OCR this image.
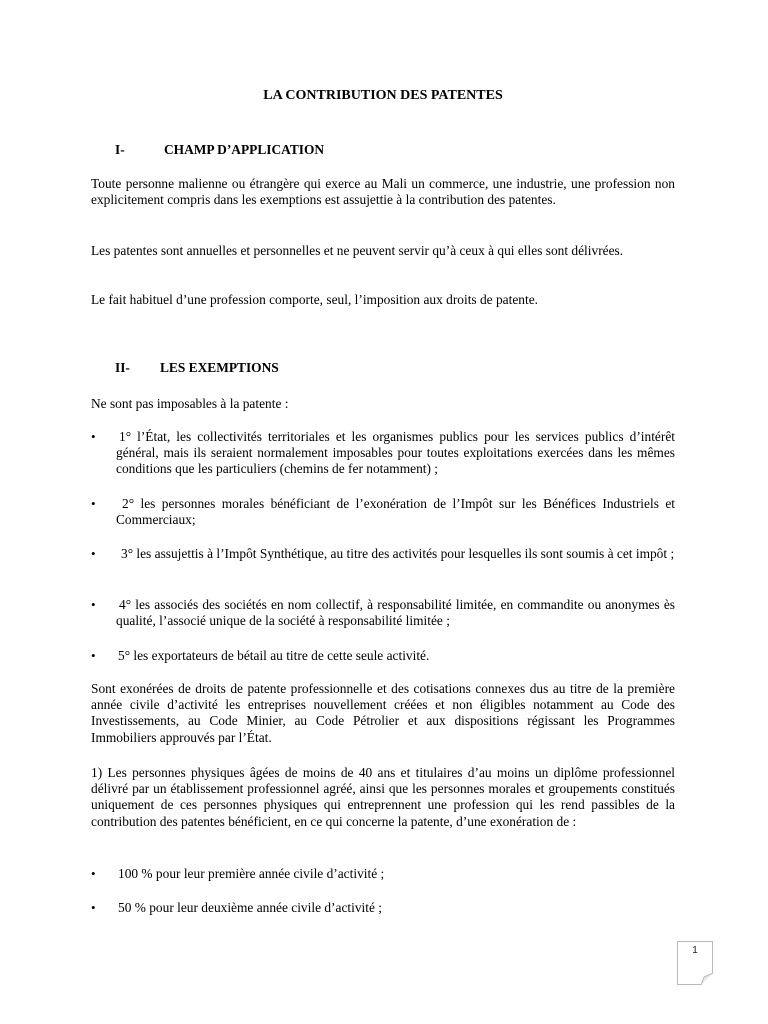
LA CONTRIBUTION DES PATENTES
I-	CHAMP D’APPLICATION
Toute personne malienne ou étrangère qui exerce au Mali un commerce, une industrie, une profession non explicitement compris dans les exemptions est assujettie à la contribution des patentes.
Les patentes sont annuelles et personnelles et ne peuvent servir qu’à ceux à qui elles sont délivrées.
Le fait habituel d’une profession comporte, seul, l’imposition aux droits de patente.
II- LES EXEMPTIONS
Ne sont pas imposables à la patente :
• 1° l’État, les collectivités territoriales et les organismes publics pour les services publics d’intérêt général, mais ils seraient normalement imposables pour toutes exploitations exercées dans les mêmes conditions que les particuliers (chemins de fer notamment) ;
•	2° les personnes morales bénéficiant de l’exonération de l’Impôt sur les Bénéfices Industriels et Commerciaux;
•	3° les assujettis à l’Impôt Synthétique, au titre des activités pour lesquelles ils sont soumis à cet impôt ;
• 4° les associés des sociétés en nom collectif, à responsabilité limitée, en commandite ou anonymes ès qualité, l’associé unique de la société à responsabilité limitée ;
• 5° les exportateurs de bétail au titre de cette seule activité.
Sont exonérées de droits de patente professionnelle et des cotisations connexes dus au titre de la première année civile d’activité les entreprises nouvellement créées et non éligibles notamment au Code des Investissements, au Code Minier, au Code Pétrolier et aux dispositions régissant les Programmes Immobiliers approuvés par l’État.
1) Les personnes physiques âgées de moins de 40 ans et titulaires d’au moins un diplôme professionnel délivré par un établissement professionnel agréé, ainsi que les personnes morales et groupements constitués uniquement de ces personnes physiques qui entreprennent une profession qui les rend passibles de la contribution des patentes bénéficient, en ce qui concerne la patente, d’une exonération de :
• 100 % pour leur première année civile d’activité ;
• 50 % pour leur deuxième année civile d’activité ;
1
